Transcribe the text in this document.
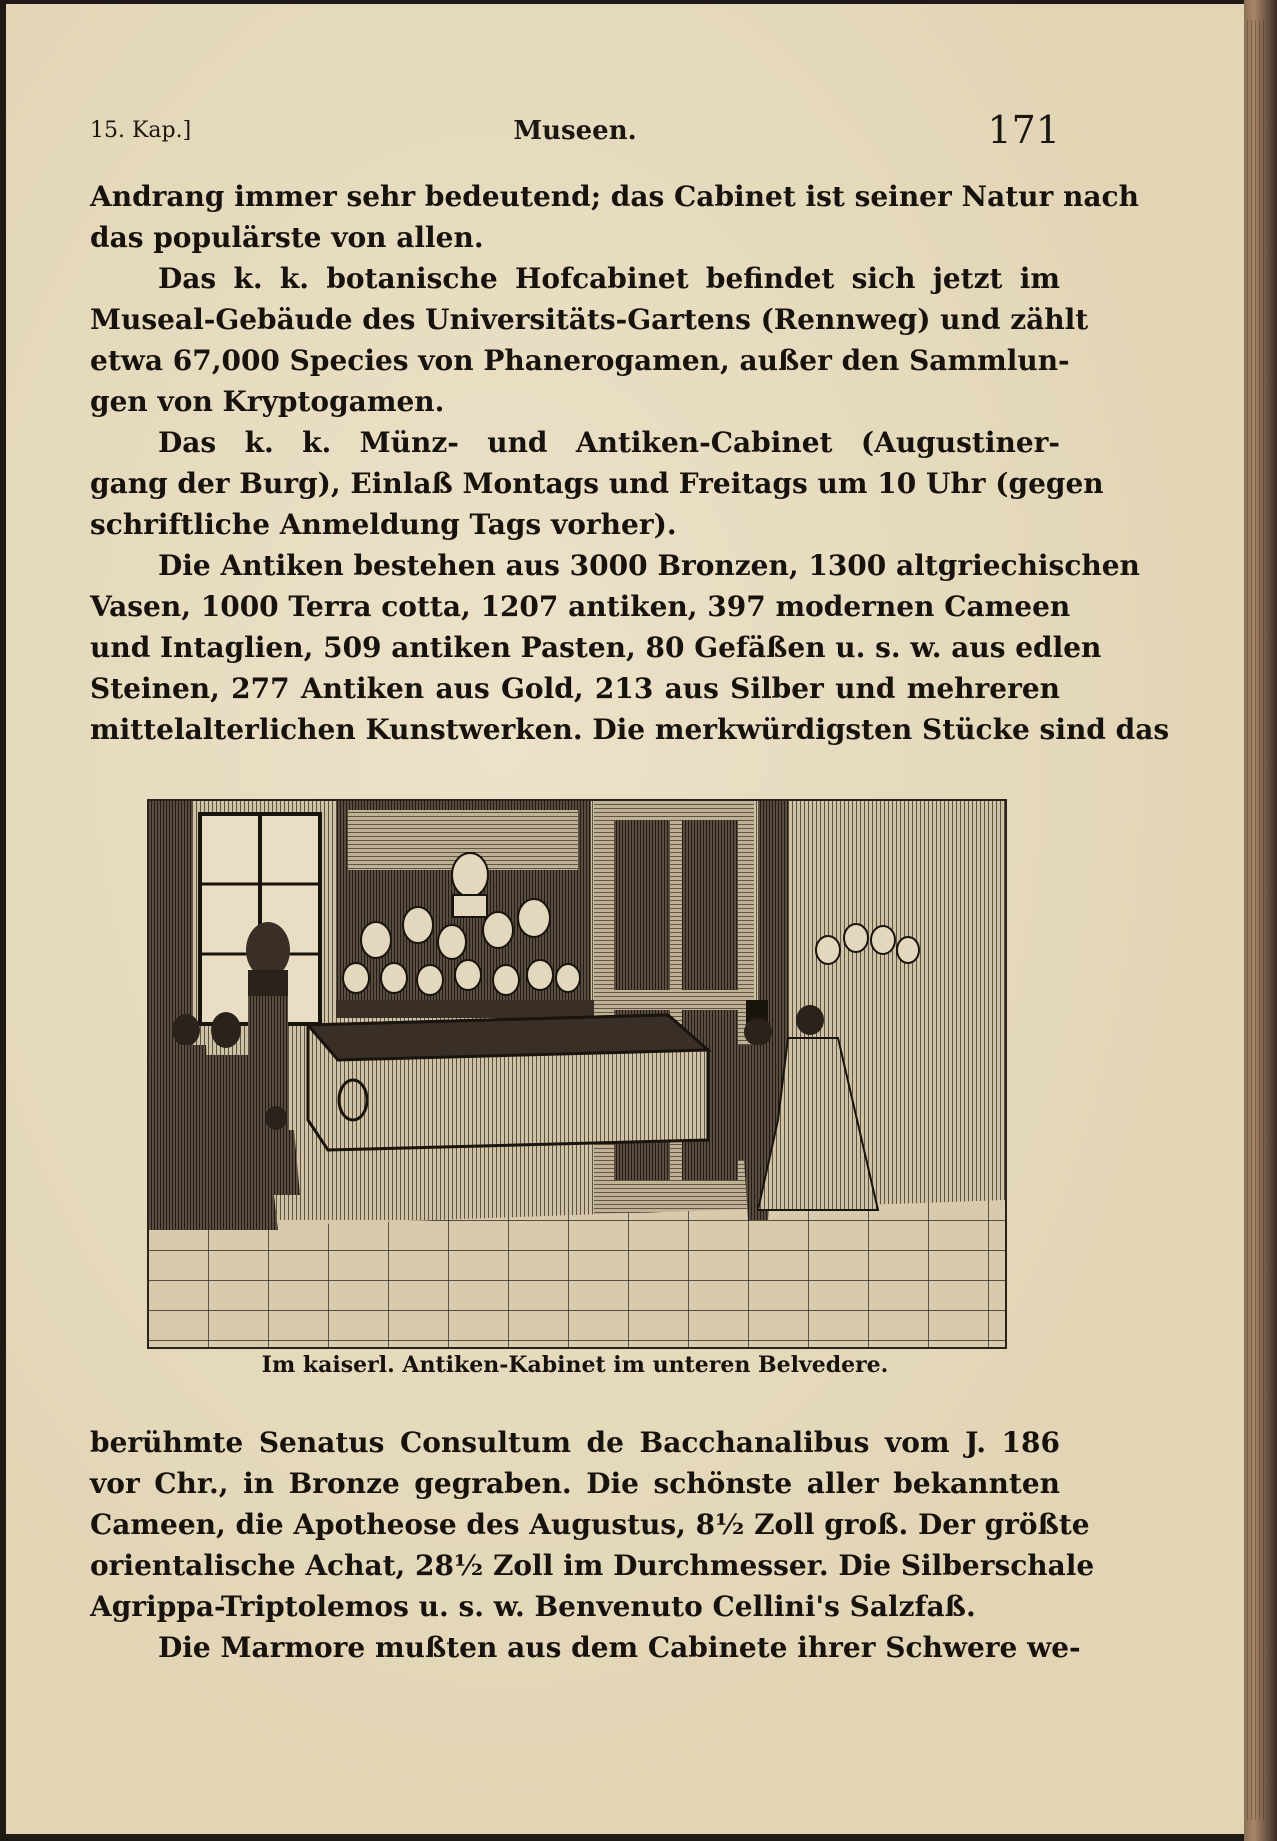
15. Kap.]	Museen.	171
Andrang immer sehr bedeutend; das Cabinet ist seiner Natur nach
das populärste von allen.
Das k. k. botanische Hofcabinet befindet sich jetzt im
Museal-Gebäude des Universitäts-Gartens (Rennweg) und zählt
etwa 67,000 Species von Phanerogamen, außer den Sammlun-
gen von Kryptogamen.
Das k. k. Münz- und Antiken-Cabinet (Augustiner-
gang der Burg), Einlaß Montags und Freitags um 10 Uhr (gegen
schriftliche Anmeldung Tags vorher).
Die Antiken bestehen aus 3000 Bronzen, 1300 altgriechischen
Vasen, 1000 Terra cotta, 1207 antiken, 397 modernen Cameen
und Intaglien, 509 antiken Pasten, 80 Gefäßen u. s. w. aus edlen
Steinen, 277 Antiken aus Gold, 213 aus Silber und mehreren
mittelalterlichen Kunstwerken. Die merkwürdigsten Stücke sind das
Im kaiserl. Antiken-Kabinet im unteren Belvedere.
berühmte Senatus Consultum de Bacchanalibus vom J. 186
vor Chr., in Bronze gegraben. Die schönste aller bekannten
Cameen, die Apotheose des Augustus, 8½ Zoll groß. Der größte
orientalische Achat, 28½ Zoll im Durchmesser. Die Silberschale
Agrippa-Triptolemos u. s. w. Benvenuto Cellini's Salzfaß.
Die Marmore mußten aus dem Cabinete ihrer Schwere we-
